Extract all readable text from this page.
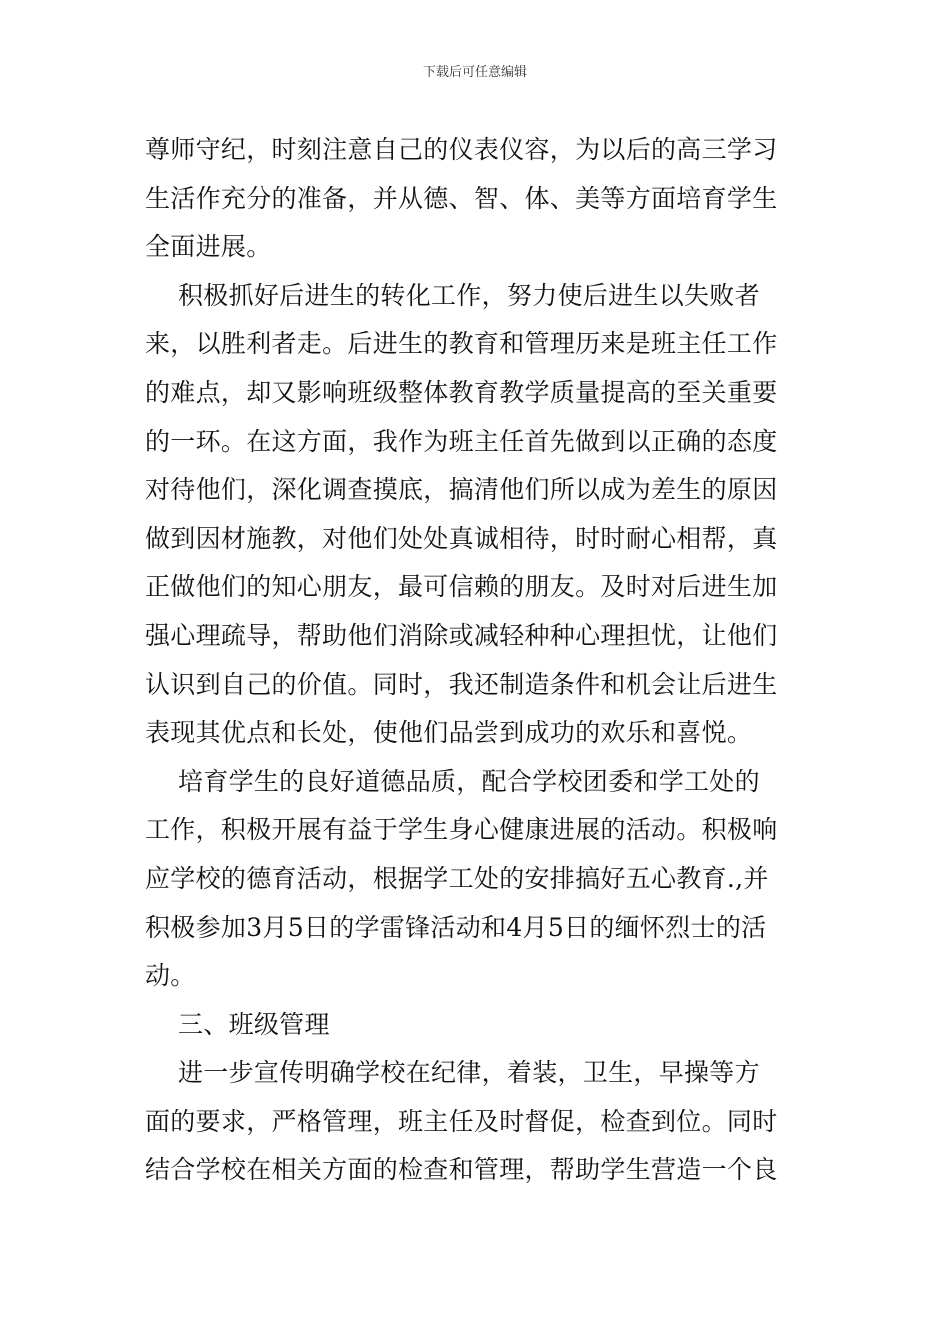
下载后可任意编辑

尊师守纪，时刻注意自己的仪表仪容，为以后的高三学习
生活作充分的准备，并从德、智、体、美等方面培育学生
全面进展。

积极抓好后进生的转化工作，努力使后进生以失败者
来，以胜利者走。后进生的教育和管理历来是班主任工作
的难点，却又影响班级整体教育教学质量提高的至关重要
的一环。在这方面，我作为班主任首先做到以正确的态度
对待他们，深化调查摸底，搞清他们所以成为差生的原因
做到因材施教，对他们处处真诚相待，时时耐心相帮，真
正做他们的知心朋友，最可信赖的朋友。及时对后进生加
强心理疏导，帮助他们消除或减轻种种心理担忧，让他们
认识到自己的价值。同时，我还制造条件和机会让后进生
表现其优点和长处，使他们品尝到成功的欢乐和喜悦。

培育学生的良好道德品质，配合学校团委和学工处的
工作，积极开展有益于学生身心健康进展的活动。积极响
应学校的德育活动，根据学工处的安排搞好五心教育.,并
积极参加3月5日的学雷锋活动和4月5日的缅怀烈士的活
动。

三、班级管理

进一步宣传明确学校在纪律，着装，卫生，早操等方
面的要求，严格管理，班主任及时督促，检查到位。同时
结合学校在相关方面的检查和管理，帮助学生营造一个良
